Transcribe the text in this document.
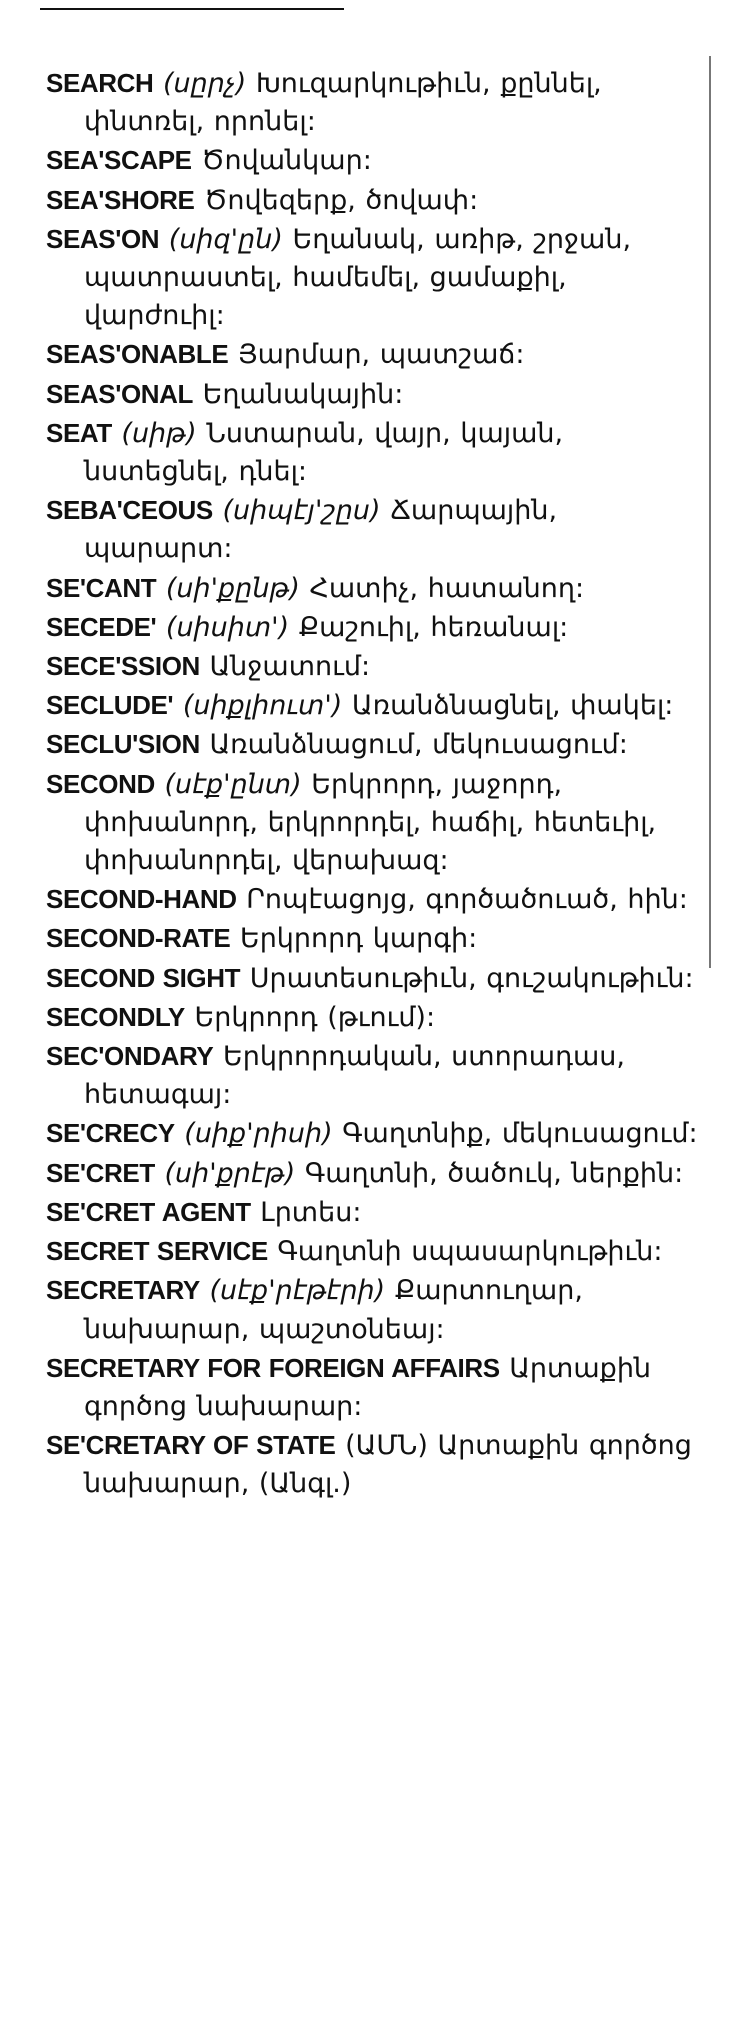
SEARCH (սըրչ) Խուզարկութիւն, քըննել, փնտռել, որոնել:

SEA'SCAPE Ծովանկար:

SEA'SHORE Ծովեզերք, ծովափ:

SEAS'ON (սիզ'ըն) Եղանակ, առիթ, շրջան, պատրաստել, համեմել, ցամաքիլ, վարժուիլ:

SEAS'ONABLE Յարմար, պատշաճ:

SEAS'ONAL Եղանակային:

SEAT (սիթ) Նստարան, վայր, կայան, նստեցնել, դնել:

SEBA'CEOUS (սիպէյ'շըս) Ճարպային, պարարտ:

SE'CANT (սի'քընթ) Հատիչ, հատանող:

SECEDE' (սիսիտ') Քաշուիլ, հեռանալ:

SECE'SSION Անջատում:

SECLUDE' (սիքլիուտ') Առանձնացնել, փակել:

SECLU'SION Առանձնացում, մեկուսացում:

SECOND (սէք'ընտ) Երկրորդ, յաջորդ, փոխանորդ, երկրորդել, հաճիլ, հետեւիլ, փոխանորդել, վերախազ:

SECOND-HAND Րոպէացոյց, գործածուած, հին:

SECOND-RATE Երկրորդ կարգի:

SECOND SIGHT Սրատեսութիւն, գուշակութիւն:

SECONDLY Երկրորդ (թւում):

SEC'ONDARY Երկրորդական, ստորադաս, հետագայ:

SE'CRECY (սիք'րիսի) Գաղտնիք, մեկուսացում:

SE'CRET (սի'քրէթ) Գաղտնի, ծածուկ, ներքին:

SE'CRET AGENT Լրտես:

SECRET SERVICE Գաղտնի սպասարկութիւն:

SECRETARY (սէք'րէթէրի) Քարտուղար, նախարար, պաշտօնեայ:

SECRETARY FOR FOREIGN AFFAIRS Արտաքին գործոց նախարար:

SE'CRETARY OF STATE (ԱՄՆ) Արտաքին գործոց նախարար, (Անգլ.)
